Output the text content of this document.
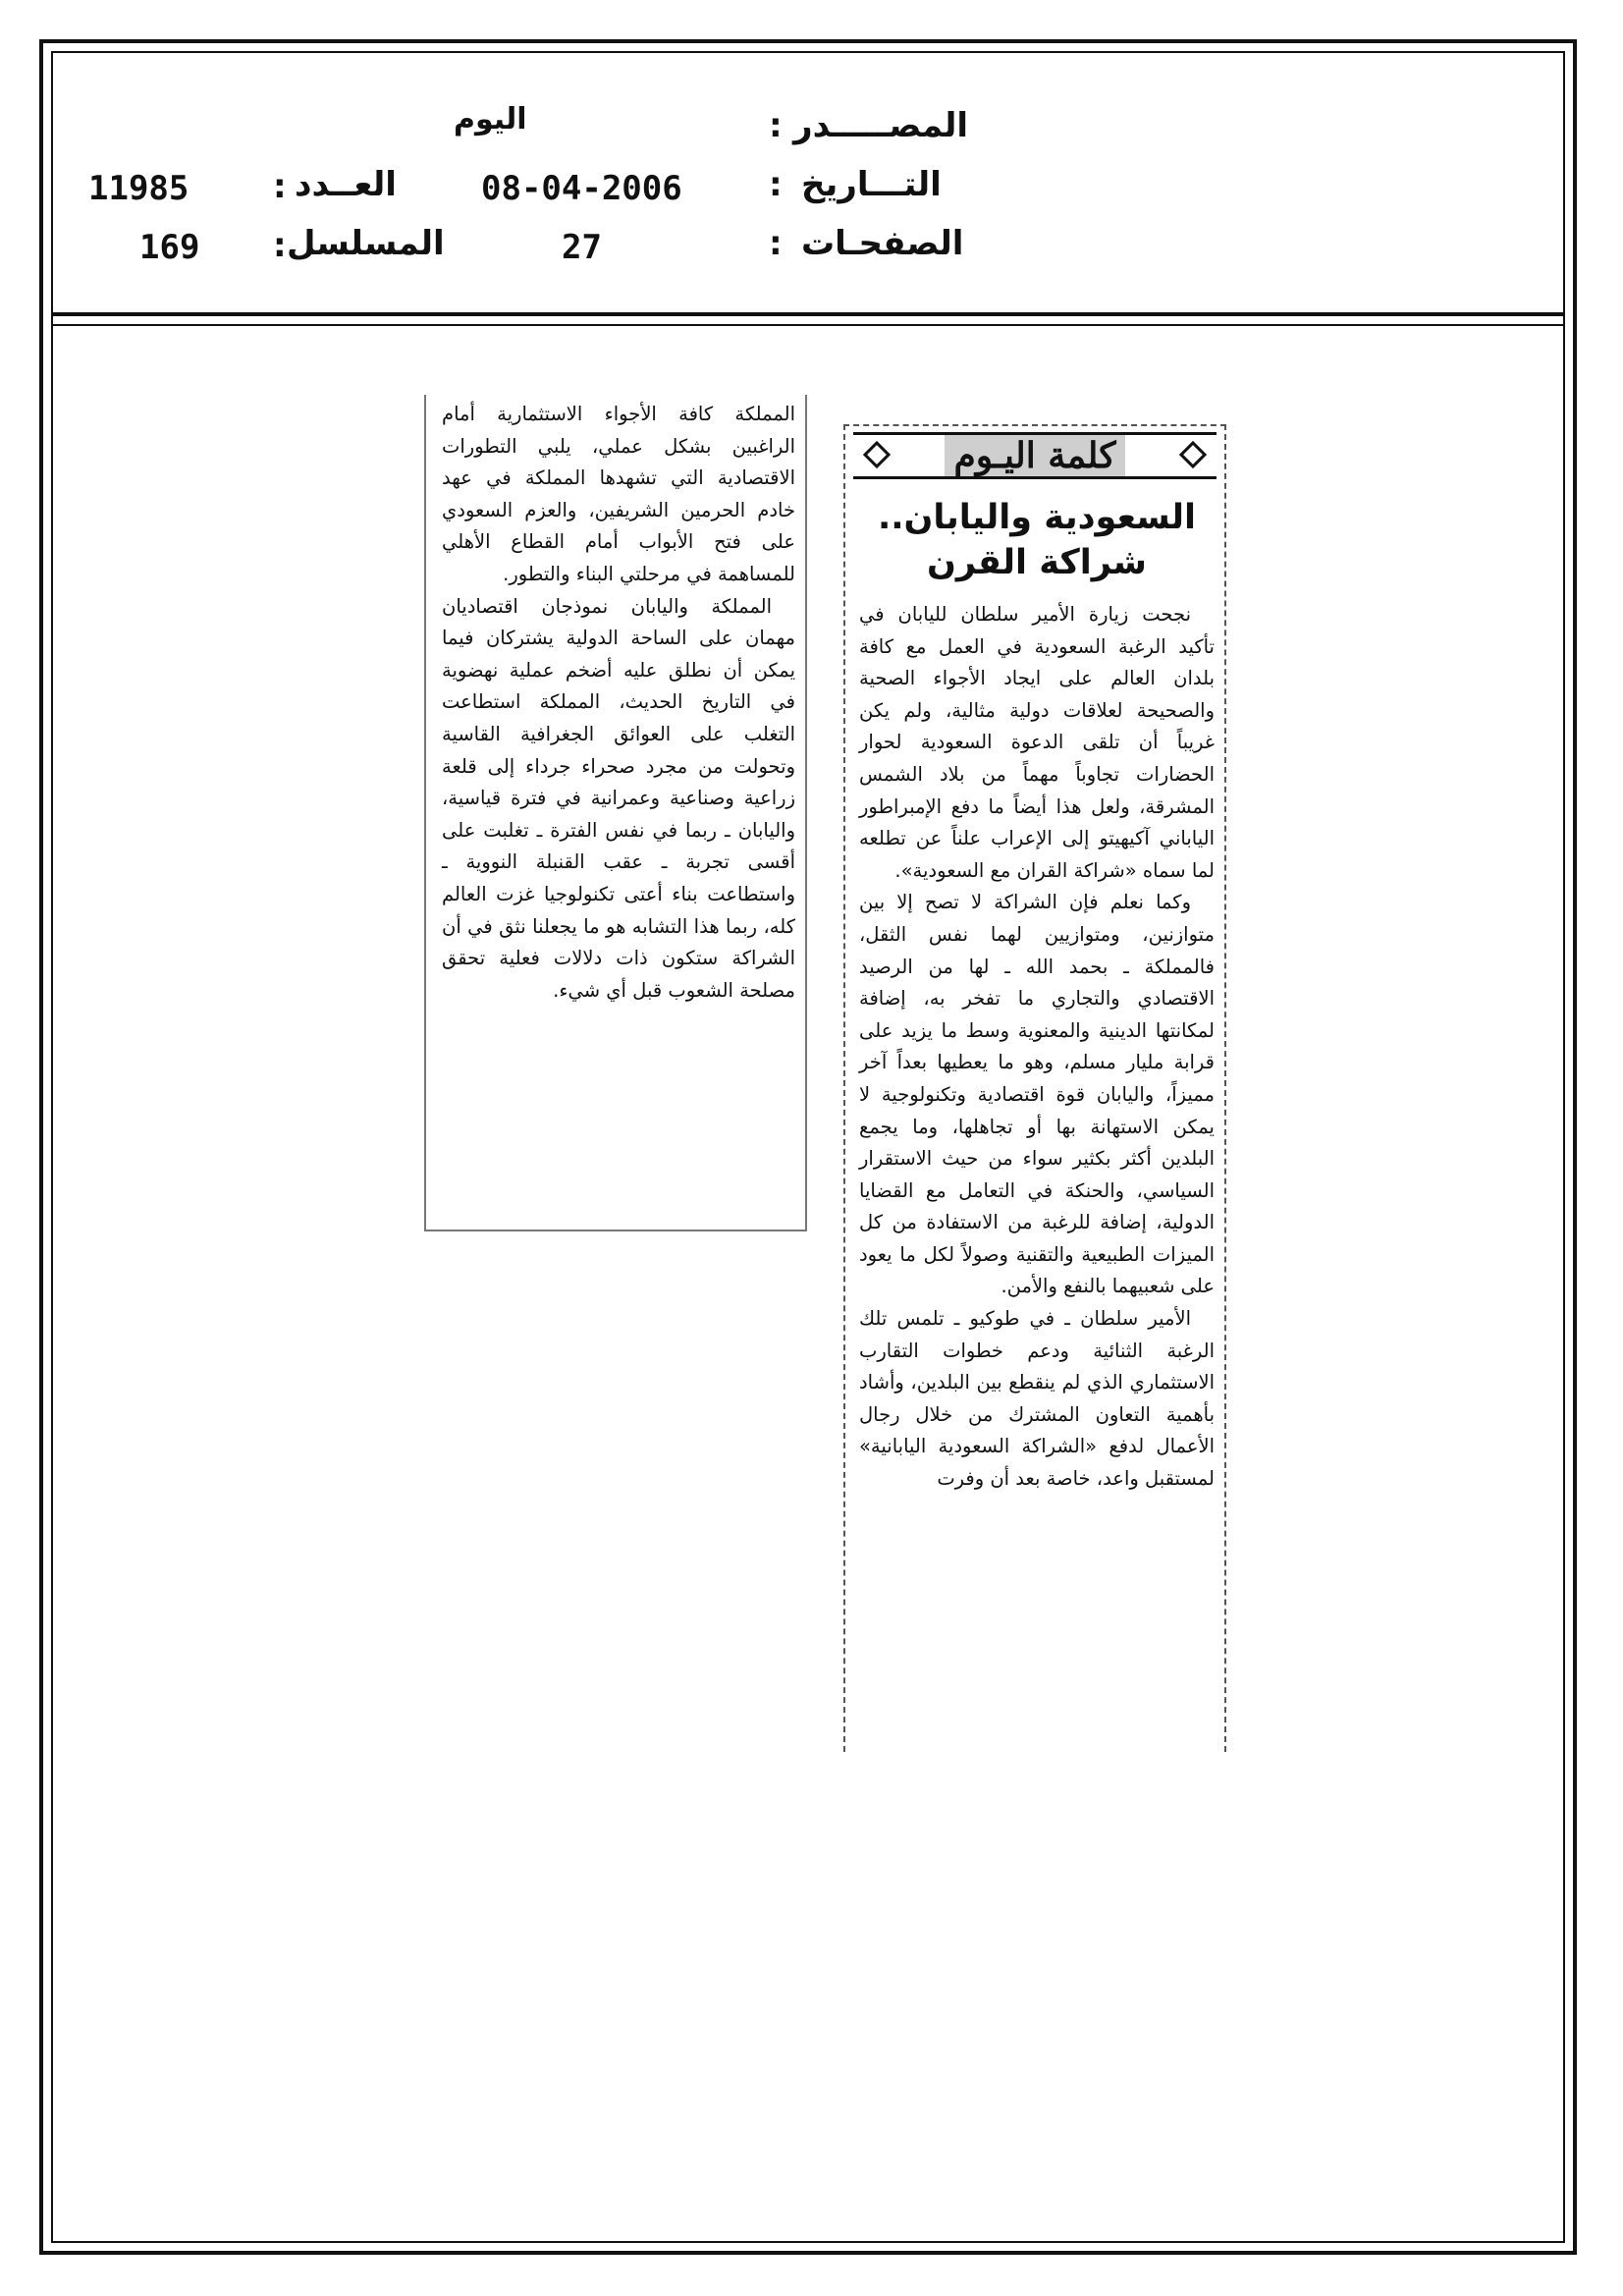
المصـــــدر
:
اليوم
التـــاريخ
:
08-04-2006
الصفحـات
:
27
العــدد
:
11985
المسلسل
:
169
كلمة اليـوم
السعودية واليابان..
شراكة القرن

نجحت زيارة الأمير سلطان لليابان في تأكيد الرغبة السعودية في العمل مع كافة بلدان العالم على ايجاد الأجواء الصحية والصحيحة لعلاقات دولية مثالية، ولم يكن غريباً أن تلقى الدعوة السعودية لحوار الحضارات تجاوباً مهماً من بلاد الشمس المشرقة، ولعل هذا أيضاً ما دفع الإمبراطور الياباني آكيهيتو إلى الإعراب علناً عن تطلعه لما سماه «شراكة القران مع السعودية».

وكما نعلم فإن الشراكة لا تصح إلا بين متوازنين، ومتوازيين لهما نفس الثقل، فالمملكة ـ بحمد الله ـ لها من الرصيد الاقتصادي والتجاري ما تفخر به، إضافة لمكانتها الدينية والمعنوية وسط ما يزيد على قرابة مليار مسلم، وهو ما يعطيها بعداً آخر مميزاً، واليابان قوة اقتصادية وتكنولوجية لا يمكن الاستهانة بها أو تجاهلها، وما يجمع البلدين أكثر بكثير سواء من حيث الاستقرار السياسي، والحنكة في التعامل مع القضايا الدولية، إضافة للرغبة من الاستفادة من كل الميزات الطبيعية والتقنية وصولاً لكل ما يعود على شعبيهما بالنفع والأمن.

الأمير سلطان ـ في طوكيو ـ تلمس تلك الرغبة الثنائية ودعم خطوات التقارب الاستثماري الذي لم ينقطع بين البلدين، وأشاد بأهمية التعاون المشترك من خلال رجال الأعمال لدفع «الشراكة السعودية اليابانية» لمستقبل واعد، خاصة بعد أن وفرت

المملكة كافة الأجواء الاستثمارية أمام الراغبين بشكل عملي، يلبي التطورات الاقتصادية التي تشهدها المملكة في عهد خادم الحرمين الشريفين، والعزم السعودي على فتح الأبواب أمام القطاع الأهلي للمساهمة في مرحلتي البناء والتطور.

المملكة واليابان نموذجان اقتصاديان مهمان على الساحة الدولية يشتركان فيما يمكن أن نطلق عليه أضخم عملية نهضوية في التاريخ الحديث، المملكة استطاعت التغلب على العوائق الجغرافية القاسية وتحولت من مجرد صحراء جرداء إلى قلعة زراعية وصناعية وعمرانية في فترة قياسية، واليابان ـ ربما في نفس الفترة ـ تغلبت على أقسى تجربة ـ عقب القنبلة النووية ـ واستطاعت بناء أعتى تكنولوجيا غزت العالم كله، ربما هذا التشابه هو ما يجعلنا نثق في أن الشراكة ستكون ذات دلالات فعلية تحقق مصلحة الشعوب قبل أي شيء.
